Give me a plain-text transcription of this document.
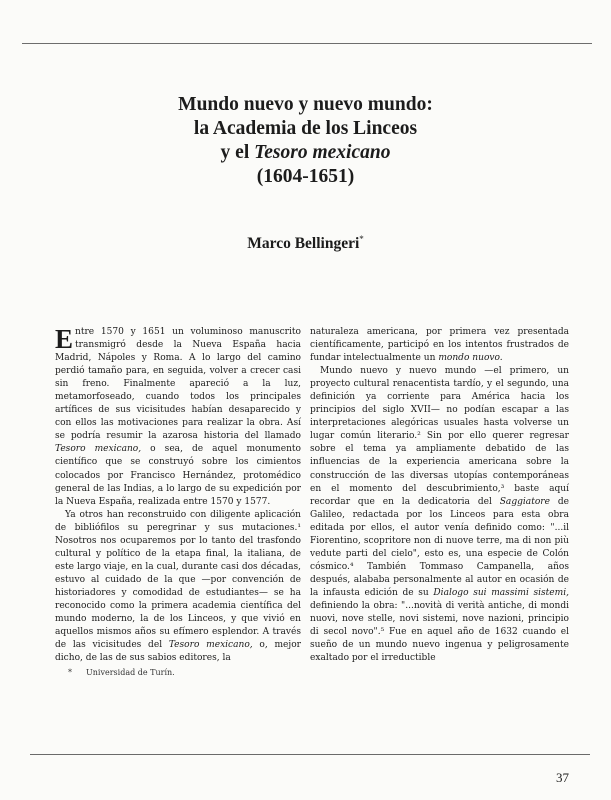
Mundo nuevo y nuevo mundo:
la Academia de los Linceos
y el Tesoro mexicano
(1604-1651)
Marco Bellingeri*

Entre 1570 y 1651 un voluminoso manuscrito transmigró desde la Nueva España hacia Madrid, Nápoles y Roma. A lo largo del camino perdió tamaño para, en seguida, volver a crecer casi sin freno. Finalmente apareció a la luz, metamorfoseado, cuando todos los principales artífices de sus vicisitudes habían desaparecido y con ellos las motivaciones para realizar la obra. Así se podría resumir la azarosa historia del llamado Tesoro mexicano, o sea, de aquel monumento científico que se construyó sobre los cimientos colocados por Francisco Hernández, protomédico general de las Indias, a lo largo de su expedición por la Nueva España, realizada entre 1570 y 1577.

Ya otros han reconstruido con diligente aplicación de bibliófilos su peregrinar y sus mutaciones.¹ Nosotros nos ocuparemos por lo tanto del trasfondo cultural y político de la etapa final, la italiana, de este largo viaje, en la cual, durante casi dos décadas, estuvo al cuidado de la que —por convención de historiadores y comodidad de estudiantes— se ha reconocido como la primera academia científica del mundo moderno, la de los Linceos, y que vivió en aquellos mismos años su efímero esplendor. A través de las vicisitudes del Tesoro mexicano, o, mejor dicho, de las de sus sabios editores, la

naturaleza americana, por primera vez presentada científicamente, participó en los intentos frustrados de fundar intelectualmente un mondo nuovo.

Mundo nuevo y nuevo mundo —el primero, un proyecto cultural renacentista tardío, y el segundo, una definición ya corriente para América hacia los principios del siglo XVII— no podían escapar a las interpretaciones alegóricas usuales hasta volverse un lugar común literario.² Sin por ello querer regresar sobre el tema ya ampliamente debatido de las influencias de la experiencia americana sobre la construcción de las diversas utopías contemporáneas en el momento del descubrimiento,³ baste aquí recordar que en la dedicatoria del Saggiatore de Galileo, redactada por los Linceos para esta obra editada por ellos, el autor venía definido como: "...il Fiorentino, scopritore non di nuove terre, ma di non più vedute parti del cielo", esto es, una especie de Colón cósmico.⁴ También Tommaso Campanella, años después, alababa personalmente al autor en ocasión de la infausta edición de su Dialogo sui massimi sistemi, definiendo la obra: "...novità di verità antiche, di mondi nuovi, nove stelle, novi sistemi, nove nazioni, principio di secol novo".⁵ Fue en aquel año de 1632 cuando el sueño de un mundo nuevo ingenua y peligrosamente exaltado por el irreductible

* Universidad de Turín.
37
